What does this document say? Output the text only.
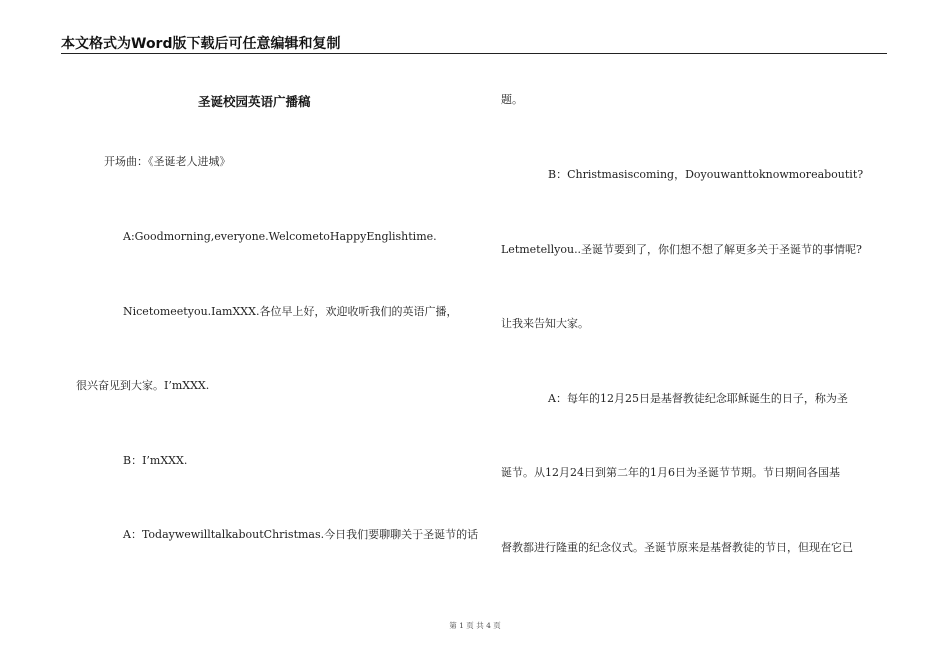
本文格式为Word版下载后可任意编辑和复制
圣诞校园英语广播稿
开场曲：《圣诞老人进城》
A:Goodmorning,everyone.WelcometoHappyEnglishtime.
Nicetomeetyou.IamXXX.各位早上好，欢迎收听我们的英语广播，
很兴奋见到大家。I’mXXX.
B：I’mXXX.
A：TodaywewilltalkaboutChristmas.今日我们要聊聊关于圣诞节的话
题。
B：Christmasiscoming，Doyouwanttoknowmoreaboutit?
Letmetellyou..圣诞节要到了，你们想不想了解更多关于圣诞节的事情呢?
让我来告知大家。
A：每年的12月25日是基督教徒纪念耶稣诞生的日子，称为圣
诞节。从12月24日到第二年的1月6日为圣诞节节期。节日期间各国基
督教都进行隆重的纪念仪式。圣诞节原来是基督教徒的节日，但现在它已
第 1 页 共 4 页
